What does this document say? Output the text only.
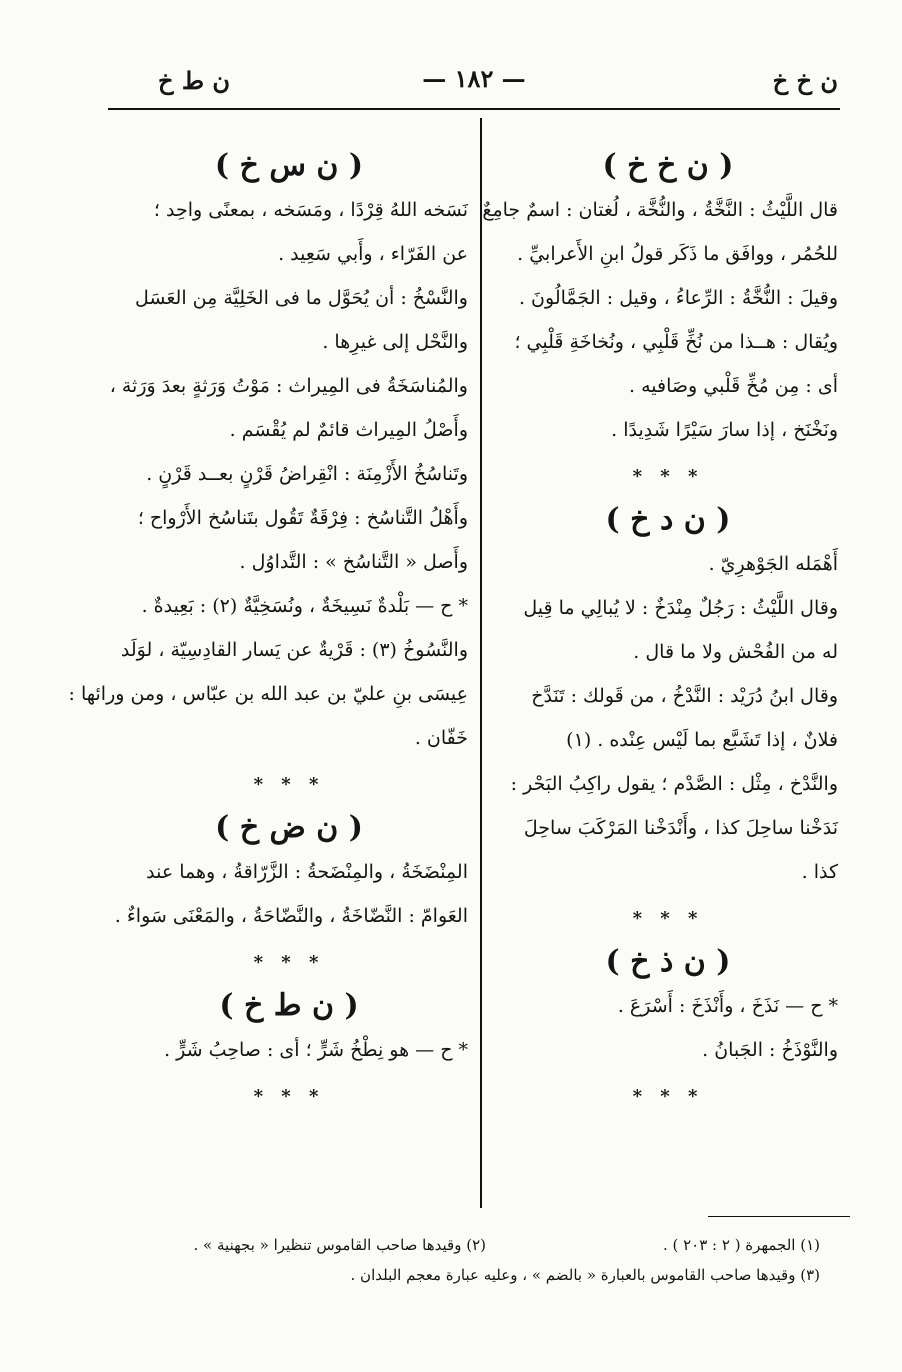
ن خ خ
— ١٨٢ —
ن ط خ
( ن خ خ )
قال اللَّيْثُ : النَّخَّةُ ، والنُّخَّة ، لُغتان : اسمٌ جامِعٌ
للحُمُر ، ووافَق ما ذَكَر قولُ ابنِ الأَعرابيِّ .
وقيلَ : النُّخَّةُ : الرِّعاءُ ، وقيل : الجَمَّالُونَ .
ويُقال : هــذا من نُخِّ قَلْبِي ، ونُخاخَةِ قَلْبِي ؛
أى : مِن مُخِّ قَلْبي وصَافيه .
ونَخْنَخ ، إذا سارَ سَيْرًا شَدِيدًا .
* * *
( ن د خ )
أَهْمَله الجَوْهرِيّ .
وقال اللَّيْثُ : رَجُلٌ مِنْدَخٌ : لا يُبالِي ما قِيل
له من الفُحْش ولا ما قال .
وقال ابنُ دُرَيْد : النَّدْخُ ، من قَولك : تَنَدَّخ
فلانٌ ، إذا تَشَبَّع بما لَيْس عِنْده . (١)
والنَّدْخ ، مِثْل : الصَّدْم ؛ يقول راكِبُ البَحْر :
نَدَخْنا ساحِلَ كذا ، وأَنْدَخْنا المَرْكَبَ ساحِلَ
كذا .
* * *
( ن ذ خ )
* ح — نَذَخَ ، وأَنْذَخَ : أَسْرَعَ .
والنَّوْذَخُ : الجَبانُ .
* * *
( ن س خ )
نَسَخه اللهُ قِرْدًا ، ومَسَخه ، بمعنًى واحِد ؛
عن الفَرّاء ، وأَبي سَعِيد .
والنَّسْخُ : أن يُحَوَّل ما فى الخَلِيَّة مِن العَسَل
والنَّحْل إلى غيرِها .
والمُناسَخَةُ فى المِيراث : مَوْتُ وَرَثةٍ بعدَ وَرَثة ،
وأَصْلُ المِيراث قائمٌ لم يُقْسَم .
وتَناسُخُ الأَزْمِنَة : انْقِراضُ قَرْنٍ بعــد قَرْنٍ .
وأَهْلُ التَّناسُخ : فِرْقَةٌ تَقُول بتَناسُخ الأَرْواح ؛
وأَصل « التَّناسُخ » : التَّداوُل .
* ح — بَلْدةٌ نَسِيخَةٌ ، ونُسَخِيَّةٌ (٢) : بَعِيدةٌ .
والنَّسُوخُ (٣) : قَرْيةٌ عن يَسار القادِسِيّة ، لوَلَد
عِيسَى بنِ عليّ بن عبد الله بن عبّاس ، ومن ورائها :
خَفّان .
* * *
( ن ض خ )
المِنْضَخَةُ ، والمِنْضَحةُ : الزَّرّاقةُ ، وهما عند
العَوامّ : النَّضّاخَةُ ، والنَّضّاحَةُ ، والمَعْنَى سَواءٌ .
* * *
( ن ط خ )
* ح — هو نِطْخُ شَرٍّ ؛ أى : صاحِبُ شَرٍّ .
* * *
(١) الجمهرة ( ٢ : ٢٠٣ ) .
(٢) وقيدها صاحب القاموس تنظيرا « بجهنية » .
(٣) وقيدها صاحب القاموس بالعبارة « بالضم » ، وعليه عبارة معجم البلدان .
